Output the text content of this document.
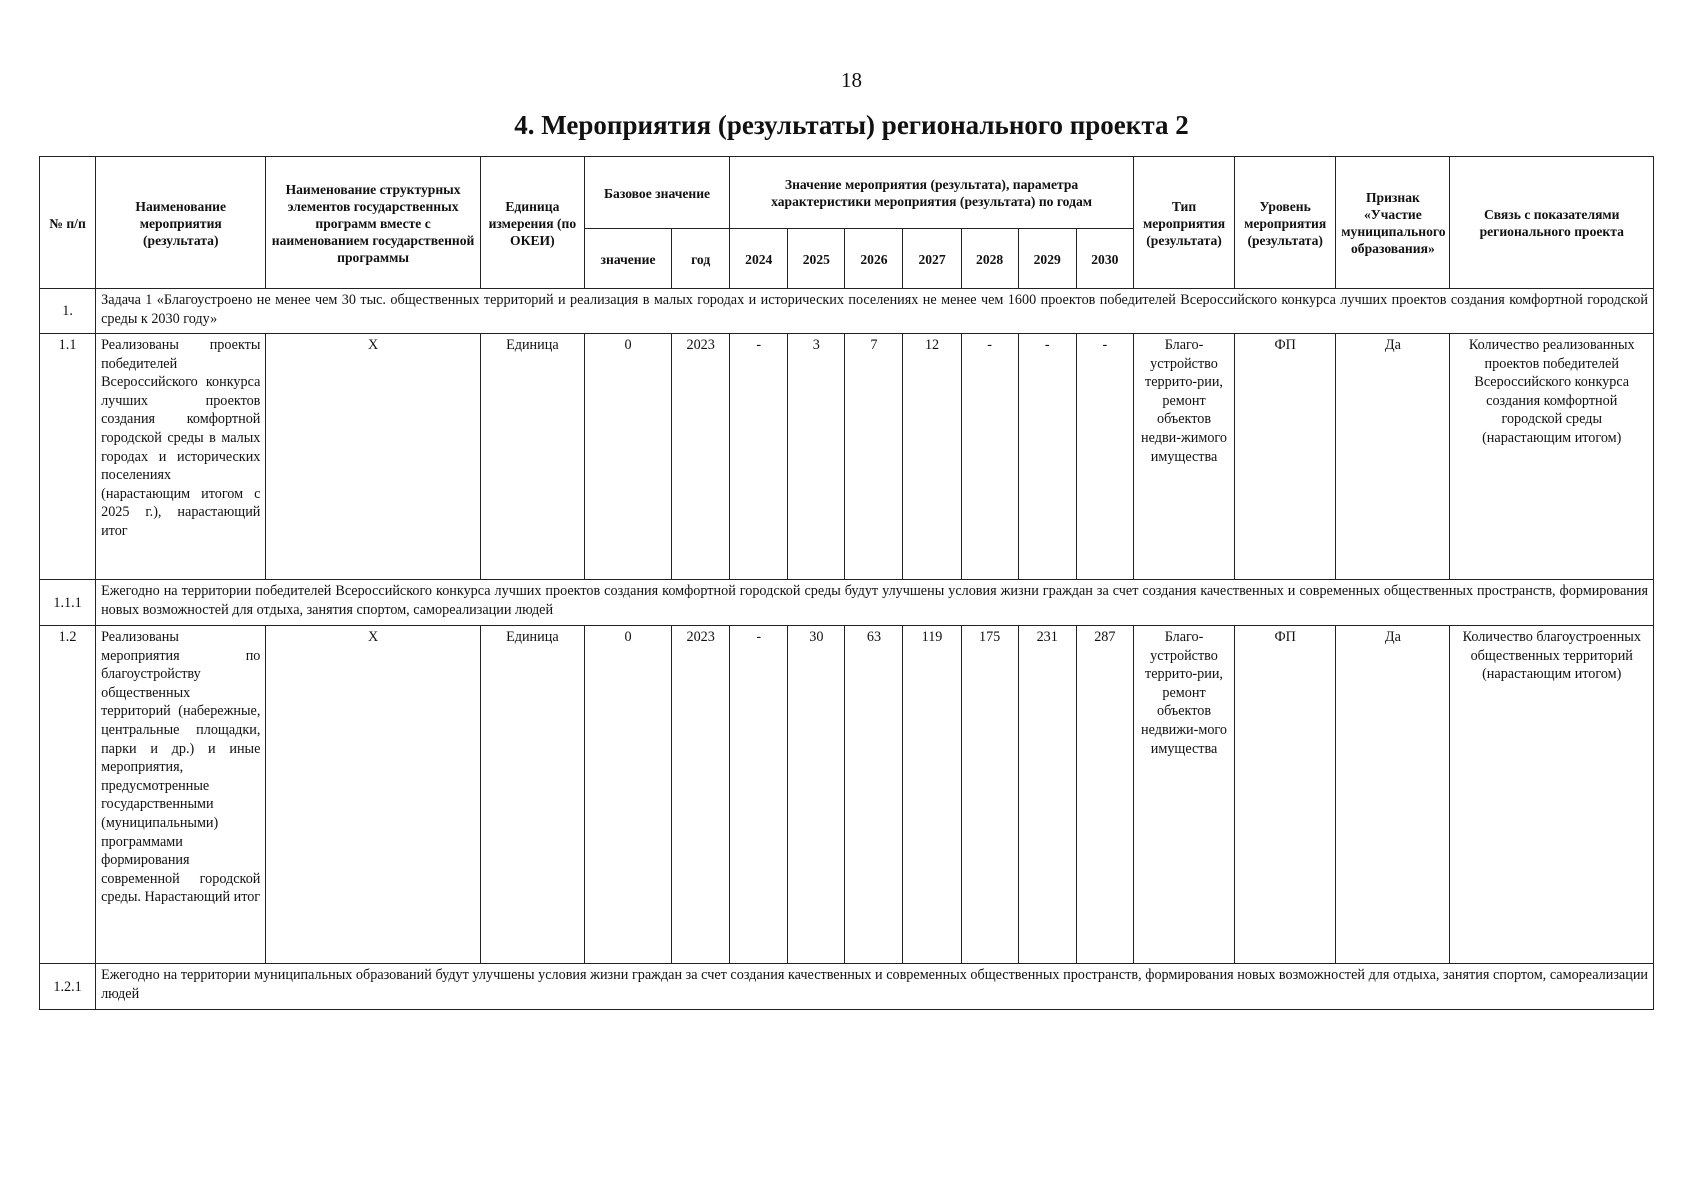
18
4. Мероприятия (результаты) регионального проекта 2
№ п/п	Наименование мероприятия (результата)	Наименование структурных элементов государственных программ вместе с наименованием государственной программы	Единица измерения (по ОКЕИ)	Базовое значение		Значение мероприятия (результата), параметра характеристики мероприятия (результата) по годам							Тип мероприятия (результата)	Уровень мероприятия (результата)	Признак «Участие муниципального образования»	Связь с показателями регионального проекта
				значение	год	2024	2025	2026	2027	2028	2029	2030				
1.	Задача 1 «Благоустроено не менее чем 30 тыс. общественных территорий и реализация в малых городах и исторических поселениях не менее чем 1600 проектов победителей Всероссийского конкурса лучших проектов создания комфортной городской среды к 2030 году»															
1.1	Реализованы проекты победителей Всероссийского конкурса лучших проектов создания комфортной городской среды в малых городах и исторических поселениях (нарастающим итогом с 2025 г.), нарастающий итог	Х	Единица	0	2023	-	3	7	12	-	-	-	Благо-устройство террито-рии, ремонт объектов недви-жимого имущества	ФП	Да	Количество реализованных проектов победителей Всероссийского конкурса создания комфортной городской среды (нарастающим итогом)
1.1.1	Ежегодно на территории победителей Всероссийского конкурса лучших проектов создания комфортной городской среды будут улучшены условия жизни граждан за счет создания качественных и современных общественных пространств, формирования новых возможностей для отдыха, занятия спортом, самореализации людей															
1.2	Реализованы мероприятия по благоустройству общественных территорий (набережные, центральные площадки, парки и др.) и иные мероприятия, предусмотренные государственными (муниципальными) программами формирования современной городской среды. Нарастающий итог	Х	Единица	0	2023	-	30	63	119	175	231	287	Благо-устройство террито-рии, ремонт объектов недвижи-мого имущества	ФП	Да	Количество благоустроенных общественных территорий (нарастающим итогом)
1.2.1	Ежегодно на территории муниципальных образований будут улучшены условия жизни граждан за счет создания качественных и современных общественных пространств, формирования новых возможностей для отдыха, занятия спортом, самореализации людей															
